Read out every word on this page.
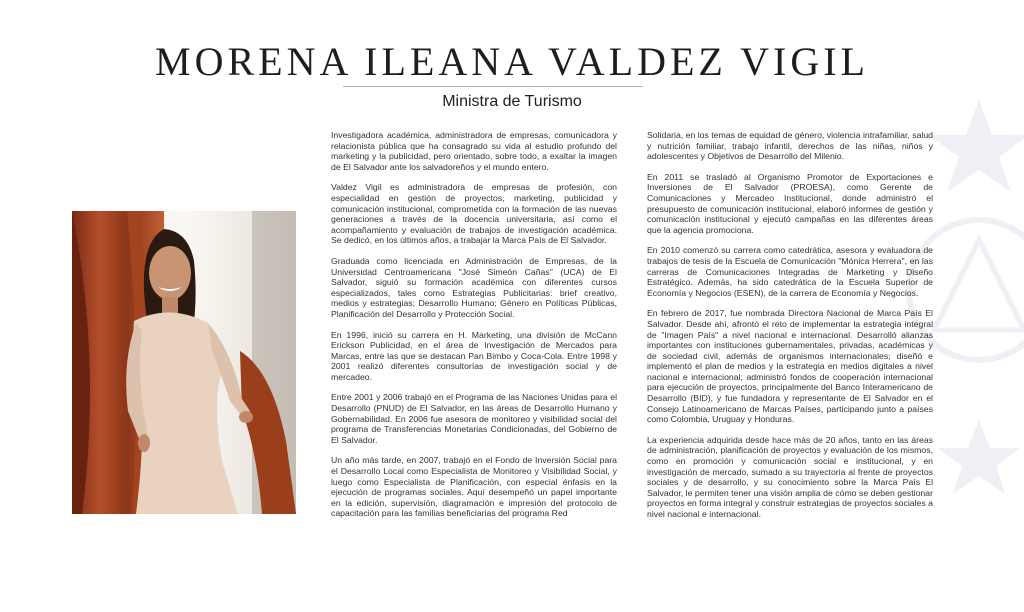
MORENA ILEANA VALDEZ VIGIL
Ministra de Turismo

Investigadora académica, administradora de empresas, comunicadora y relacionista pública que ha consagrado su vida al estudio profundo del marketing y la publicidad, pero orientado, sobre todo, a exaltar la imagen de El Salvador ante los salvadoreños y el mundo entero.

Valdez Vigil es administradora de empresas de profesión, con especialidad en gestión de proyectos, marketing, publicidad y comunicación institucional, comprometida con la formación de las nuevas generaciones a través de la docencia universitaria, así como el acompañamiento y evaluación de trabajos de investigación académica. Se dedicó, en los últimos años, a trabajar la Marca País de El Salvador.

Graduada como licenciada en Administración de Empresas, de la Universidad Centroamericana "José Simeón Cañas" (UCA) de El Salvador, siguió su formación académica con diferentes cursos especializados, tales como Estrategias Publicitarias: brief creativo, medios y estrategias; Desarrollo Humano; Género en Políticas Públicas, Planificación del Desarrollo y Protección Social.

En 1996, inició su carrera en H. Marketing, una división de McCann Erickson Publicidad, en el área de Investigación de Mercados para Marcas, entre las que se destacan Pan Bimbo y Coca-Cola. Entre 1998 y 2001 realizó diferentes consultorías de investigación social y de mercadeo.

Entre 2001 y 2006 trabajó en el Programa de las Naciones Unidas para el Desarrollo (PNUD) de El Salvador, en las áreas de Desarrollo Humano y Gobernabilidad. En 2006 fue asesora de monitoreo y visibilidad social del programa de Transferencias Monetarias Condicionadas, del Gobierno de El Salvador.

Un año más tarde, en 2007, trabajó en el Fondo de Inversión Social para el Desarrollo Local como Especialista de Monitoreo y Visibilidad Social, y luego como Especialista de Planificación, con especial énfasis en la ejecución de programas sociales. Aquí desempeñó un papel importante en la edición, supervisión, diagramación e impresión del protocolo de capacitación para las familias beneficiarias del programa Red

Solidaria, en los temas de equidad de género, violencia intrafamiliar, salud y nutrición familiar, trabajo infantil, derechos de las niñas, niños y adolescentes y Objetivos de Desarrollo del Milenio.

En 2011 se trasladó al Organismo Promotor de Exportaciones e Inversiones de El Salvador (PROESA), como Gerente de Comunicaciones y Mercadeo Institucional, donde administró el presupuesto de comunicación institucional, elaboró informes de gestión y comunicación institucional y ejecutó campañas en las diferentes áreas que la agencia promociona.

En 2010 comenzó su carrera como catedrática, asesora y evaluadora de trabajos de tesis de la Escuela de Comunicación "Mónica Herrera", en las carreras de Comunicaciones Integradas de Marketing y Diseño Estratégico. Además, ha sido catedrática de la Escuela Superior de Economía y Negocios (ESEN), de la carrera de Economía y Negocios.

En febrero de 2017, fue nombrada Directora Nacional de Marca País El Salvador. Desde ahí, afrontó el reto de implementar la estrategia integral de "Imagen País" a nivel nacional e internacional. Desarrolló alianzas importantes con instituciones gubernamentales, privadas, académicas y de sociedad civil, además de organismos internacionales; diseñó e implementó el plan de medios y la estrategia en medios digitales a nivel nacional e internacional; administró fondos de cooperación internacional para ejecución de proyectos, principalmente del Banco Interamericano de Desarrollo (BID), y fue fundadora y representante de El Salvador en el Consejo Latinoamericano de Marcas Países, participando junto a países como Colombia, Uruguay y Honduras.

La experiencia adquirida desde hace más de 20 años, tanto en las áreas de administración, planificación de proyectos y evaluación de los mismos, como en promoción y comunicación social e institucional, y en investigación de mercado, sumado a su trayectoria al frente de proyectos sociales y de desarrollo, y su conocimiento sobre la Marca País El Salvador, le permiten tener una visión amplia de cómo se deben gestionar proyectos en forma integral y construir estrategias de proyectos sociales a nivel nacional e internacional.
